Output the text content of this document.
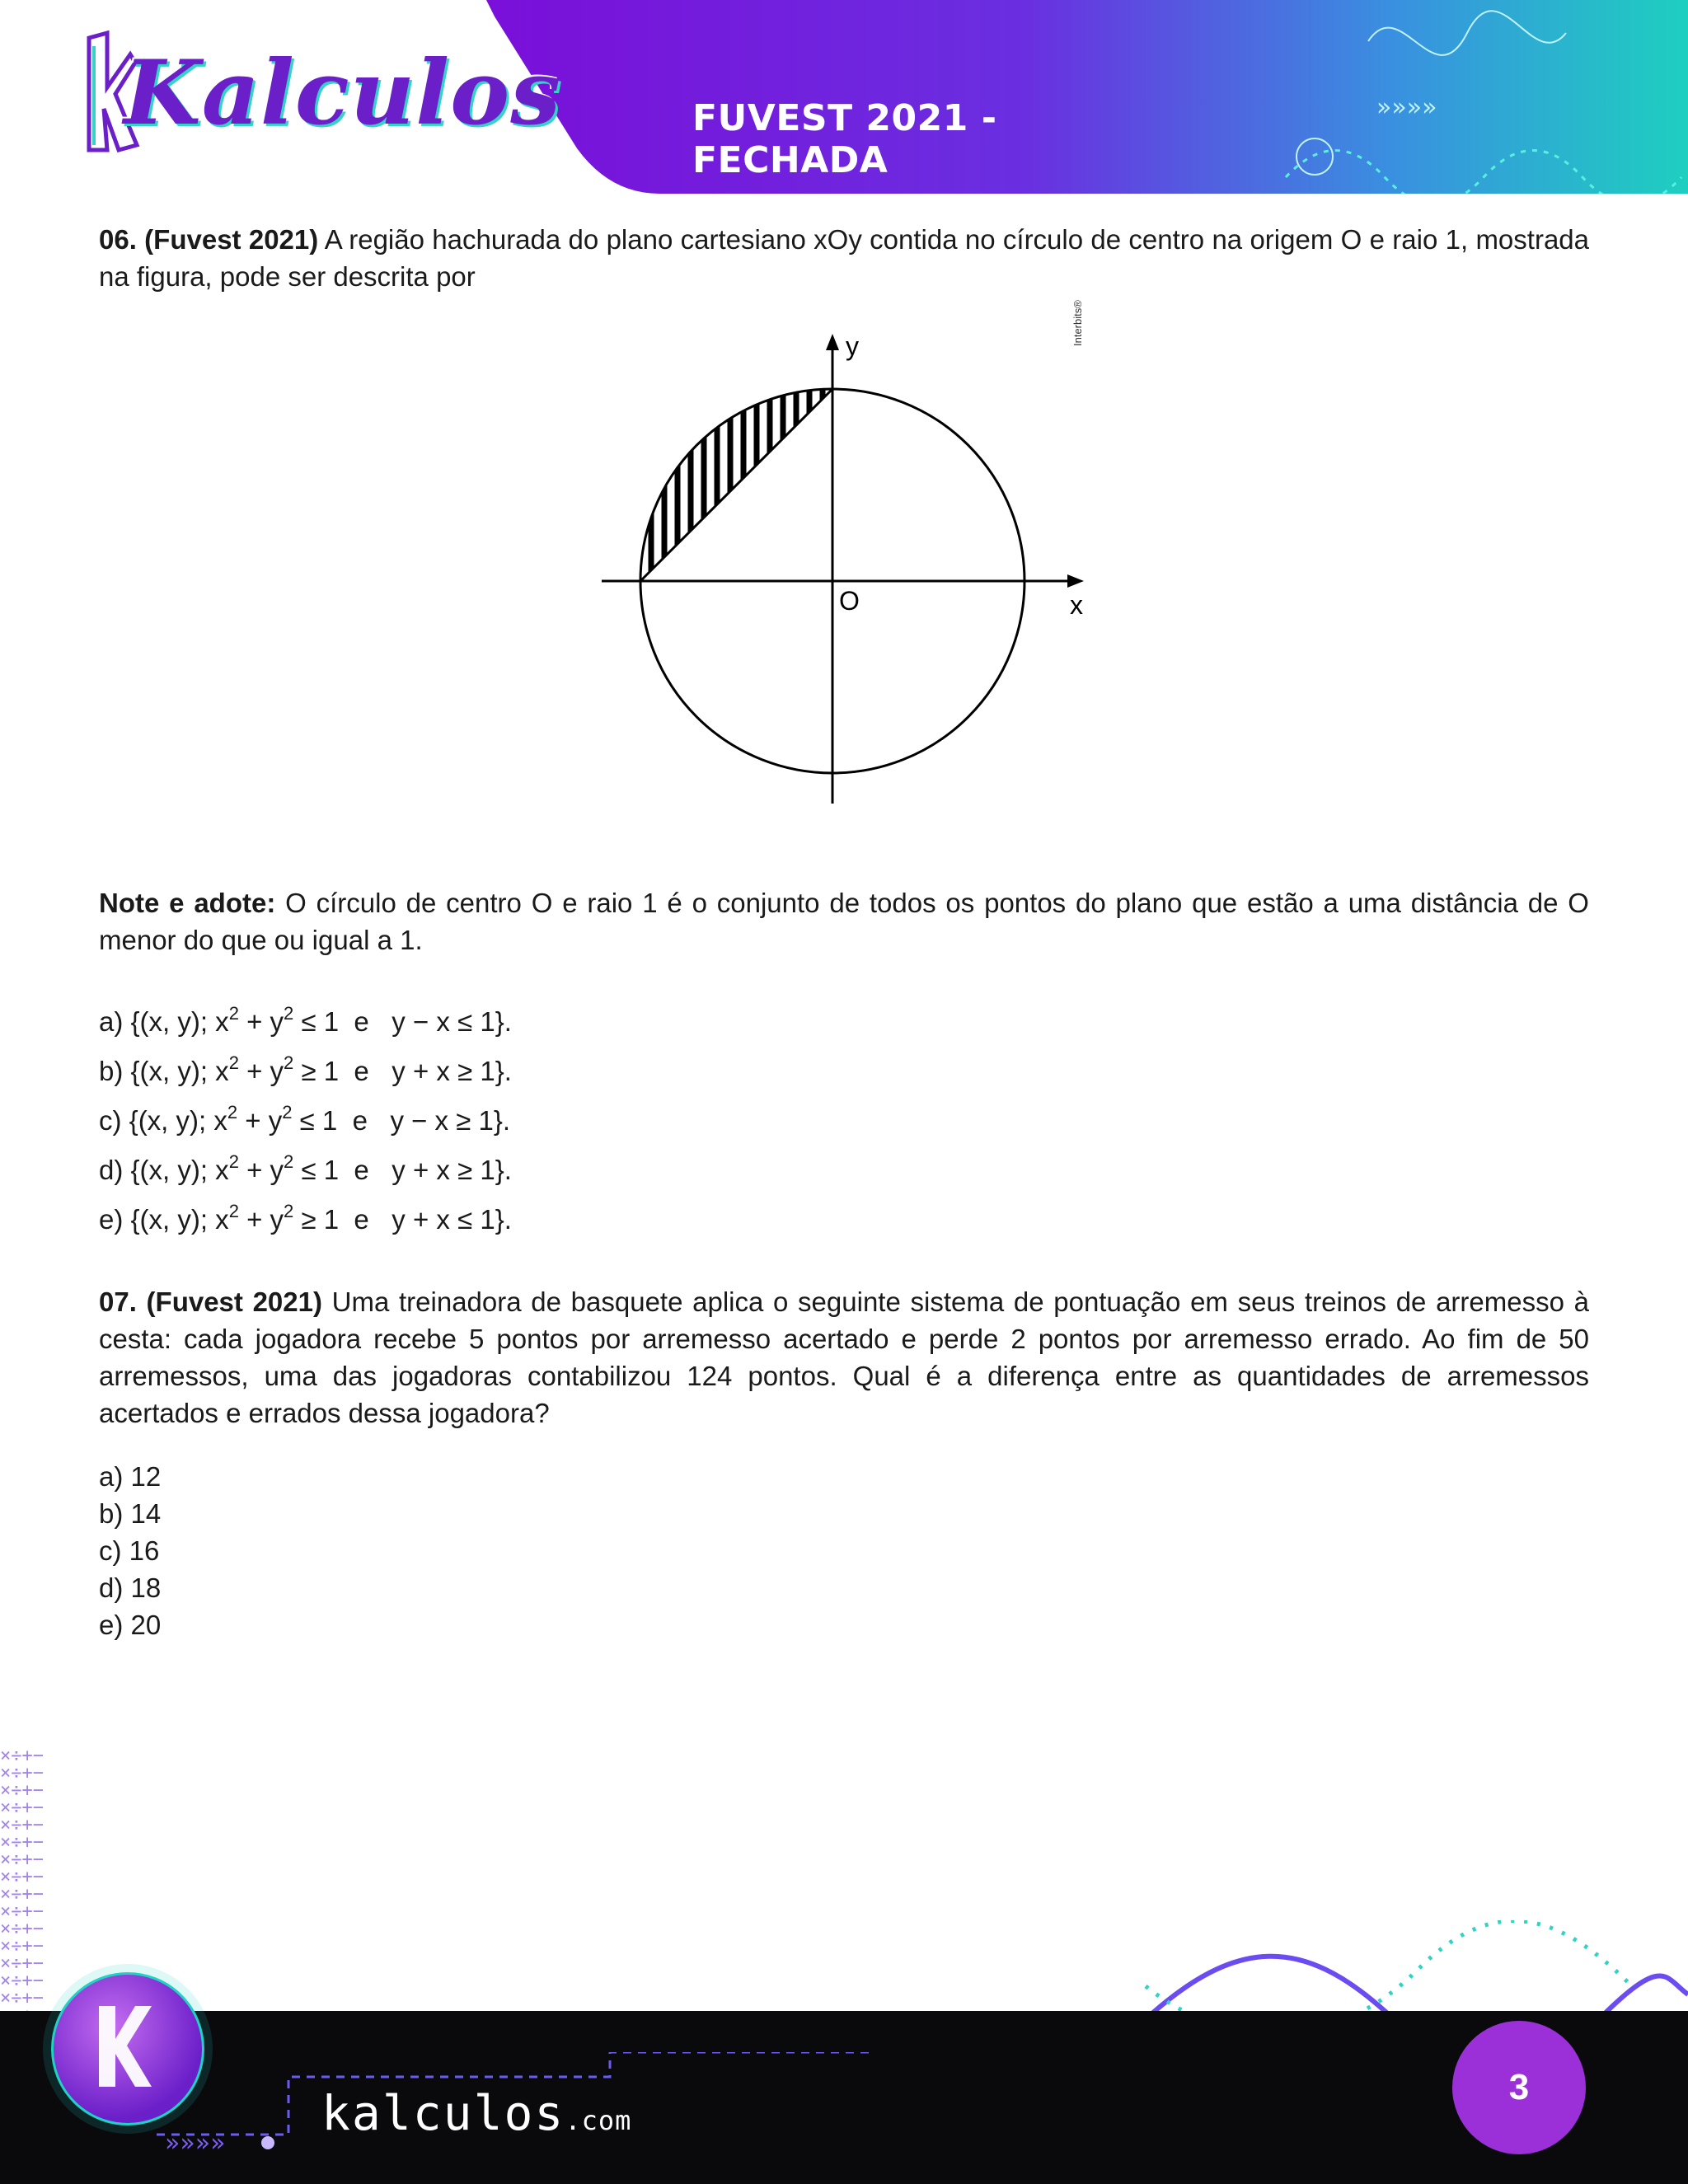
»»»»
Kalculos	FUVEST 2021 - FECHADA

06. (Fuvest 2021) A região hachurada do plano cartesiano xOy contida no círculo de centro na origem O e raio 1, mostrada na figura, pode ser descrita por

y
x
O
Interbits®

Note e adote: O círculo de centro O e raio 1 é o conjunto de todos os pontos do plano que estão a uma distância de O menor do que ou igual a 1.

a) {(x, y); $x^2 + y^2 \le 1$  e   y − x ≤ 1}.
b) {(x, y); $x^2 + y^2 \ge 1$  e   y + x ≥ 1}.
c) {(x, y); $x^2 + y^2 \le 1$  e   y − x ≥ 1}.
d) {(x, y); $x^2 + y^2 \le 1$  e   y + x ≥ 1}.
e) {(x, y); $x^2 + y^2 \ge 1$  e   y + x ≤ 1}.

07. (Fuvest 2021) Uma treinadora de basquete aplica o seguinte sistema de pontuação em seus treinos de arremesso à cesta: cada jogadora recebe 5 pontos por arremesso acertado e perde 2 pontos por arremesso errado. Ao fim de 50 arremessos, uma das jogadoras contabilizou 124 pontos. Qual é a diferença entre as quantidades de arremessos acertados e errados dessa jogadora?

a) 12

b) 14

c) 16

d) 18

e) 20

×÷+−
×÷+−
×÷+−
×÷+−
×÷+−
×÷+−
×÷+−
×÷+−
×÷+−
×÷+−
×÷+−
×÷+−
×÷+−
×÷+−
×÷+−

»»»»
kalculos.com
3
